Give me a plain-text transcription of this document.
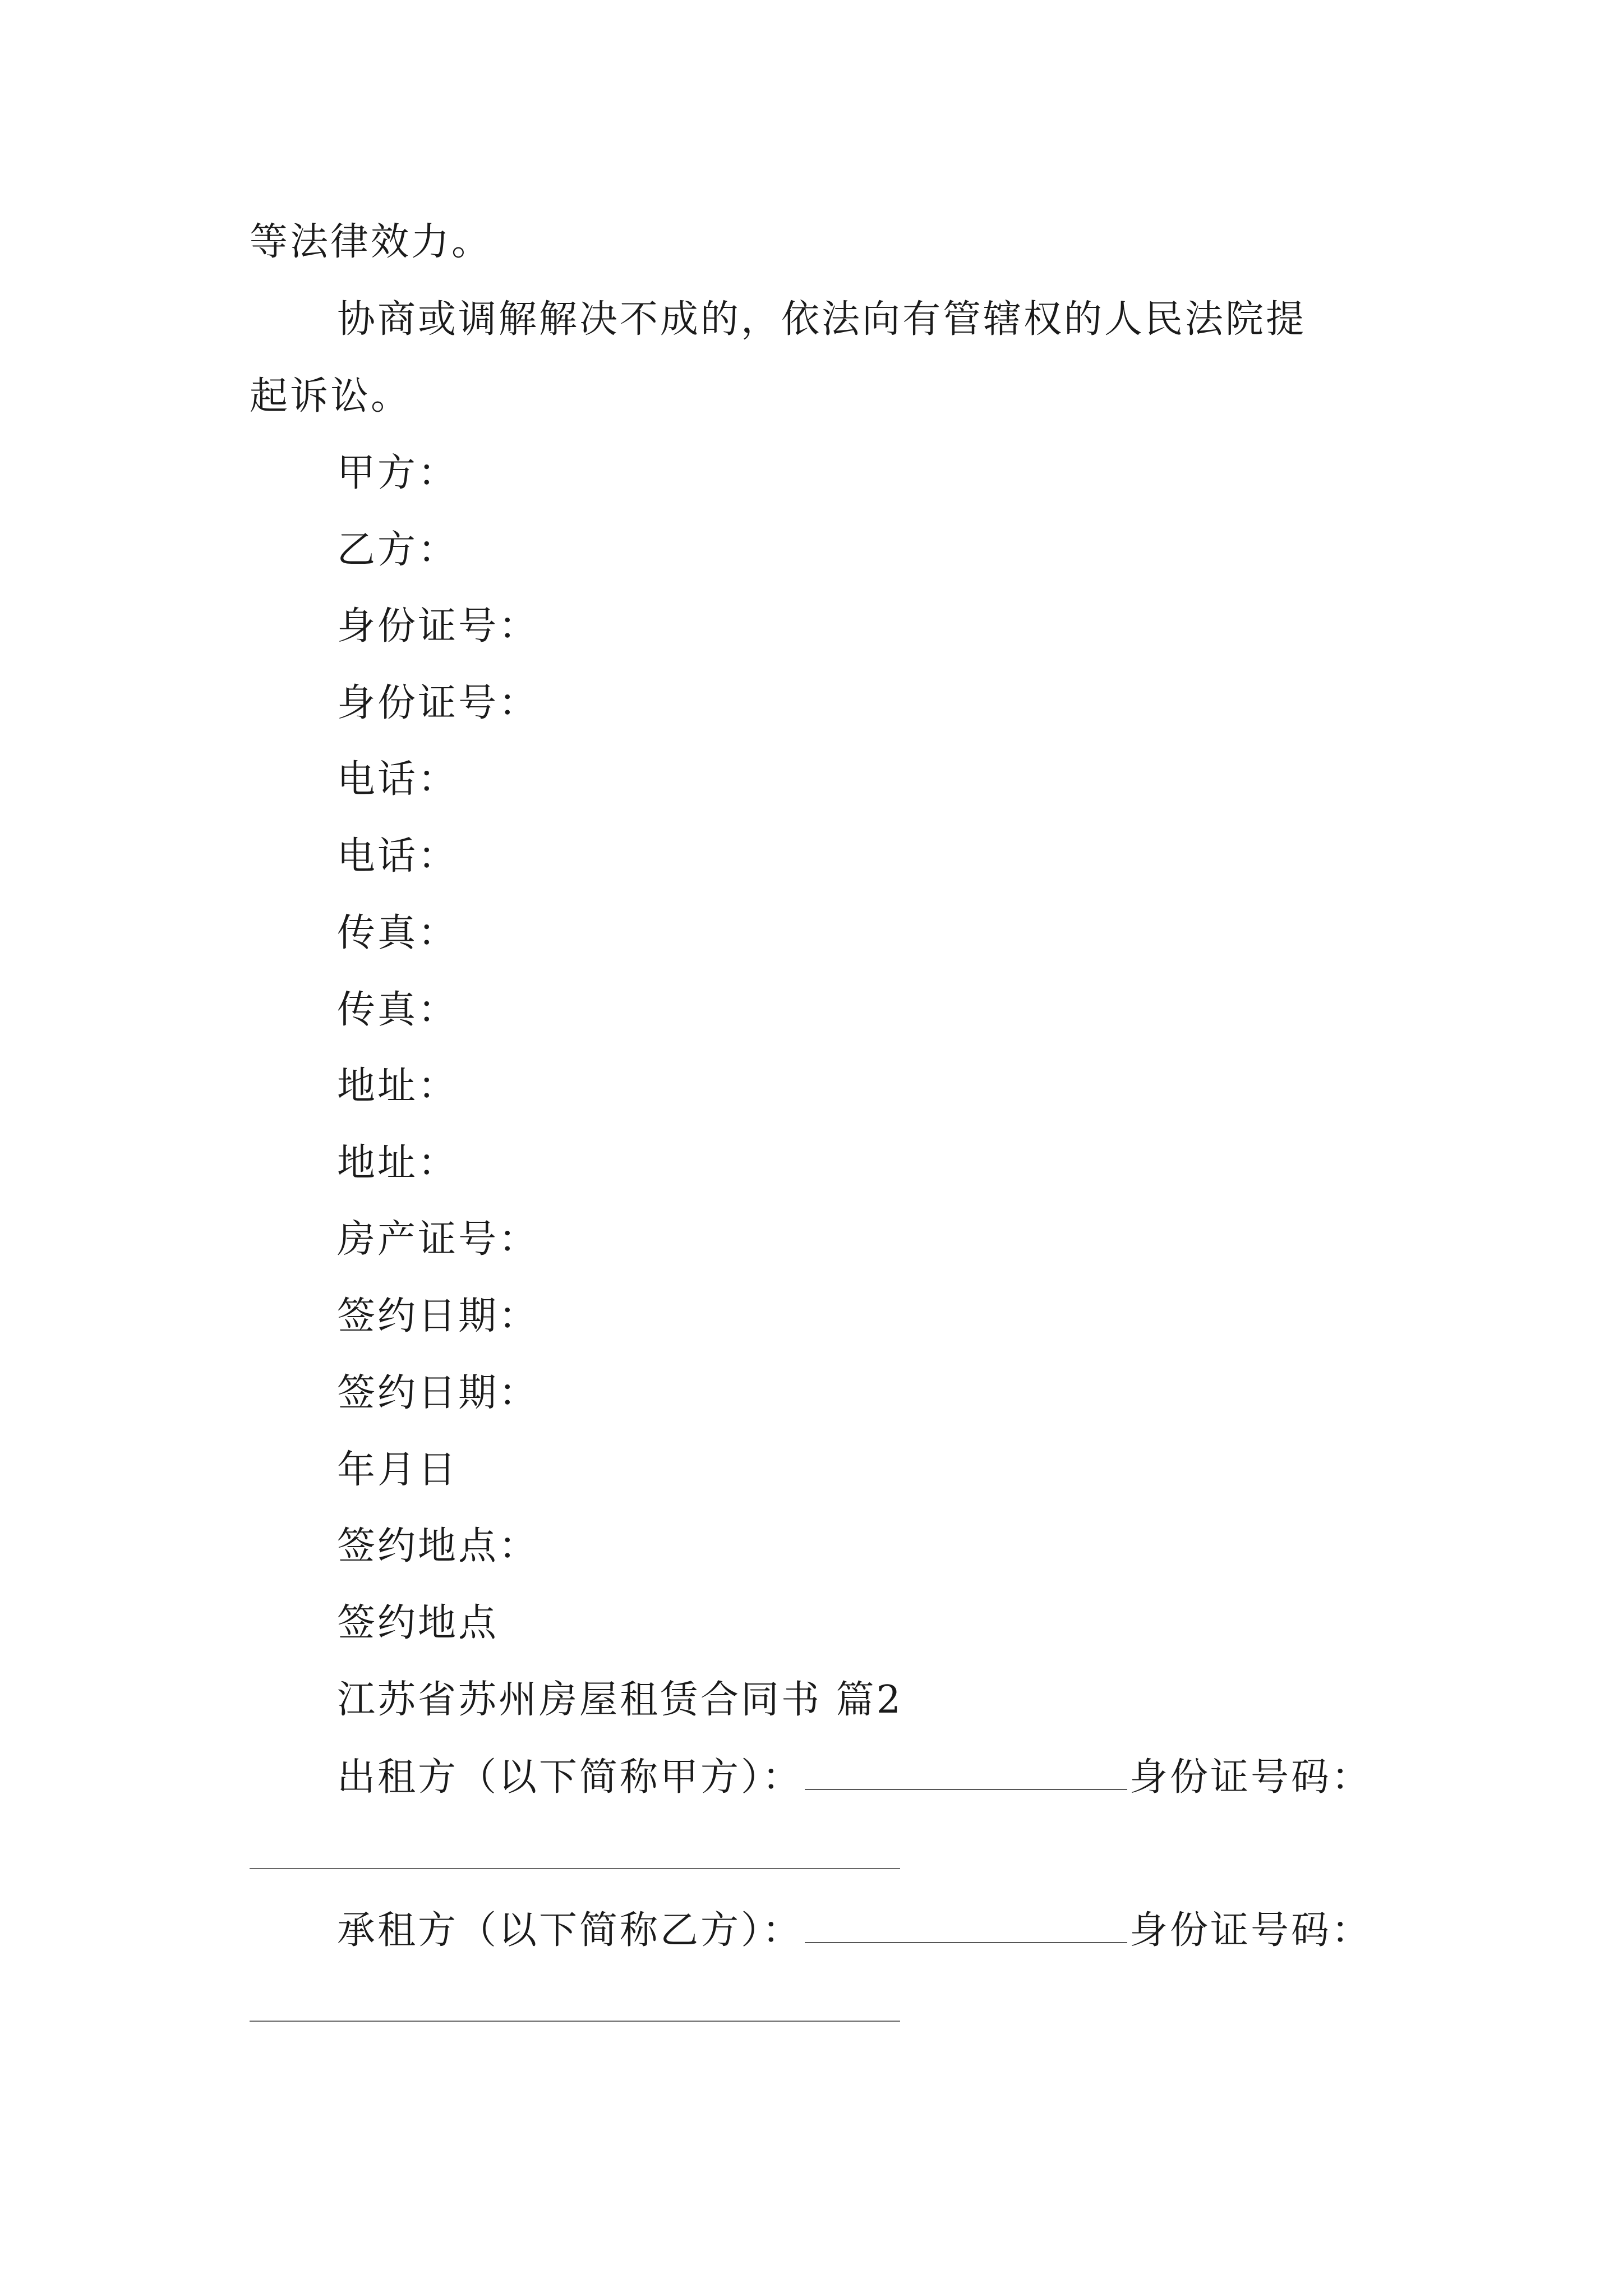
等法律效力。
协商或调解解决不成的，依法向有管辖权的人民法院提
起诉讼。
甲方：
乙方：
身份证号：
身份证号：
电话：
电话：
传真：
传真：
地址：
地址：
房产证号：
签约日期：
签约日期：
年月日
签约地点：
签约地点
江苏省苏州房屋租赁合同书 篇2
出租方（以下简称甲方）：	身份证号码：
承租方（以下简称乙方）：	身份证号码：
